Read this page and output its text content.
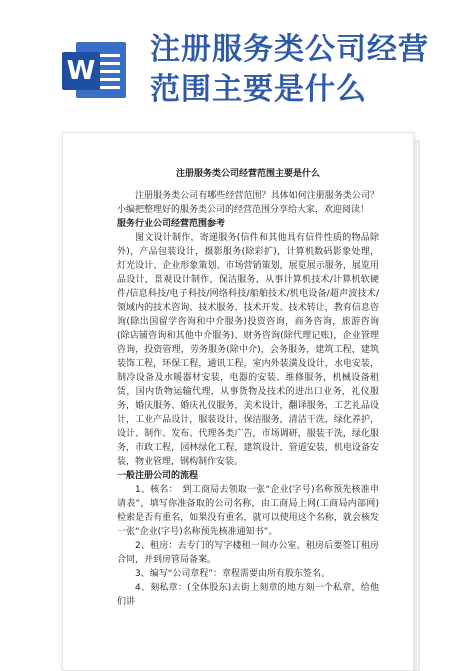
W
注册服务类公司经营范围主要是什么
注册服务类公司经营范围主要是什么

注册服务类公司有哪些经营范围？具体如何注册服务类公司？小编把整理好的服务类公司的经营范围分享给大家，欢迎阅读！

服务行业公司经营范围参考

图文设计制作，寄递服务(信件和其他具有信件性质的物品除外)，产品包装设计，摄影服务(除彩扩)，计算机数码影象处理，灯光设计、企业形象策划、市场营销策划，展览展示服务，展览用品设计，景观设计制作，保洁服务，从事计算机技术/计算机软硬件/信息科技/电子科技/网络科技/船舶技术/机电设备/超声波技术/领域内的技术咨询、技术服务、技术开发、技术转让，教育信息咨询(除出国留学咨询和中介服务)投资咨询，商务咨询，旅游咨询(除店铺咨询和其他中介服务)、财务咨询(除代理记账)，企业管理咨询，投资管理，劳务服务(除中介)，会务服务，建筑工程，建筑装饰工程，环保工程，通讯工程，室内外装潢及设计，水电安装，制冷设备及水暖器材安装，电器的安装、维修服务，机械设备租赁，国内货物运输代理，从事货物及技术的进出口业务，礼仪服务，婚庆服务、婚庆礼仪服务，美术设计，翻译服务，工艺礼品设计，工业产品设计，服装设计，保洁服务，清洁干洗，绿化养护，设计、制作、发布、代理各类广告，市场调研，服装干洗，绿化服务，市政工程，园林绿化工程，建筑设计，管道安装，机电设备安装，物业管理，钢构制作安装。

一般注册公司的流程

1、核名：　到工商局去领取一张“企业(字号)名称预先核准申请表”，填写你准备取的公司名称，由工商局上网(工商局内部网)检索是否有重名，如果没有重名，就可以使用这个名称，就会核发一张“企业(字号)名称预先核准通知书”。

2、租房：去专门的写字楼租一间办公室。租房后要签订租房合同，并到房管局备案。

3、编写“公司章程”：章程需要由所有股东签名。

4、刻私章：(全体股东)去街上刻章的地方刻一个私章，给他们讲
